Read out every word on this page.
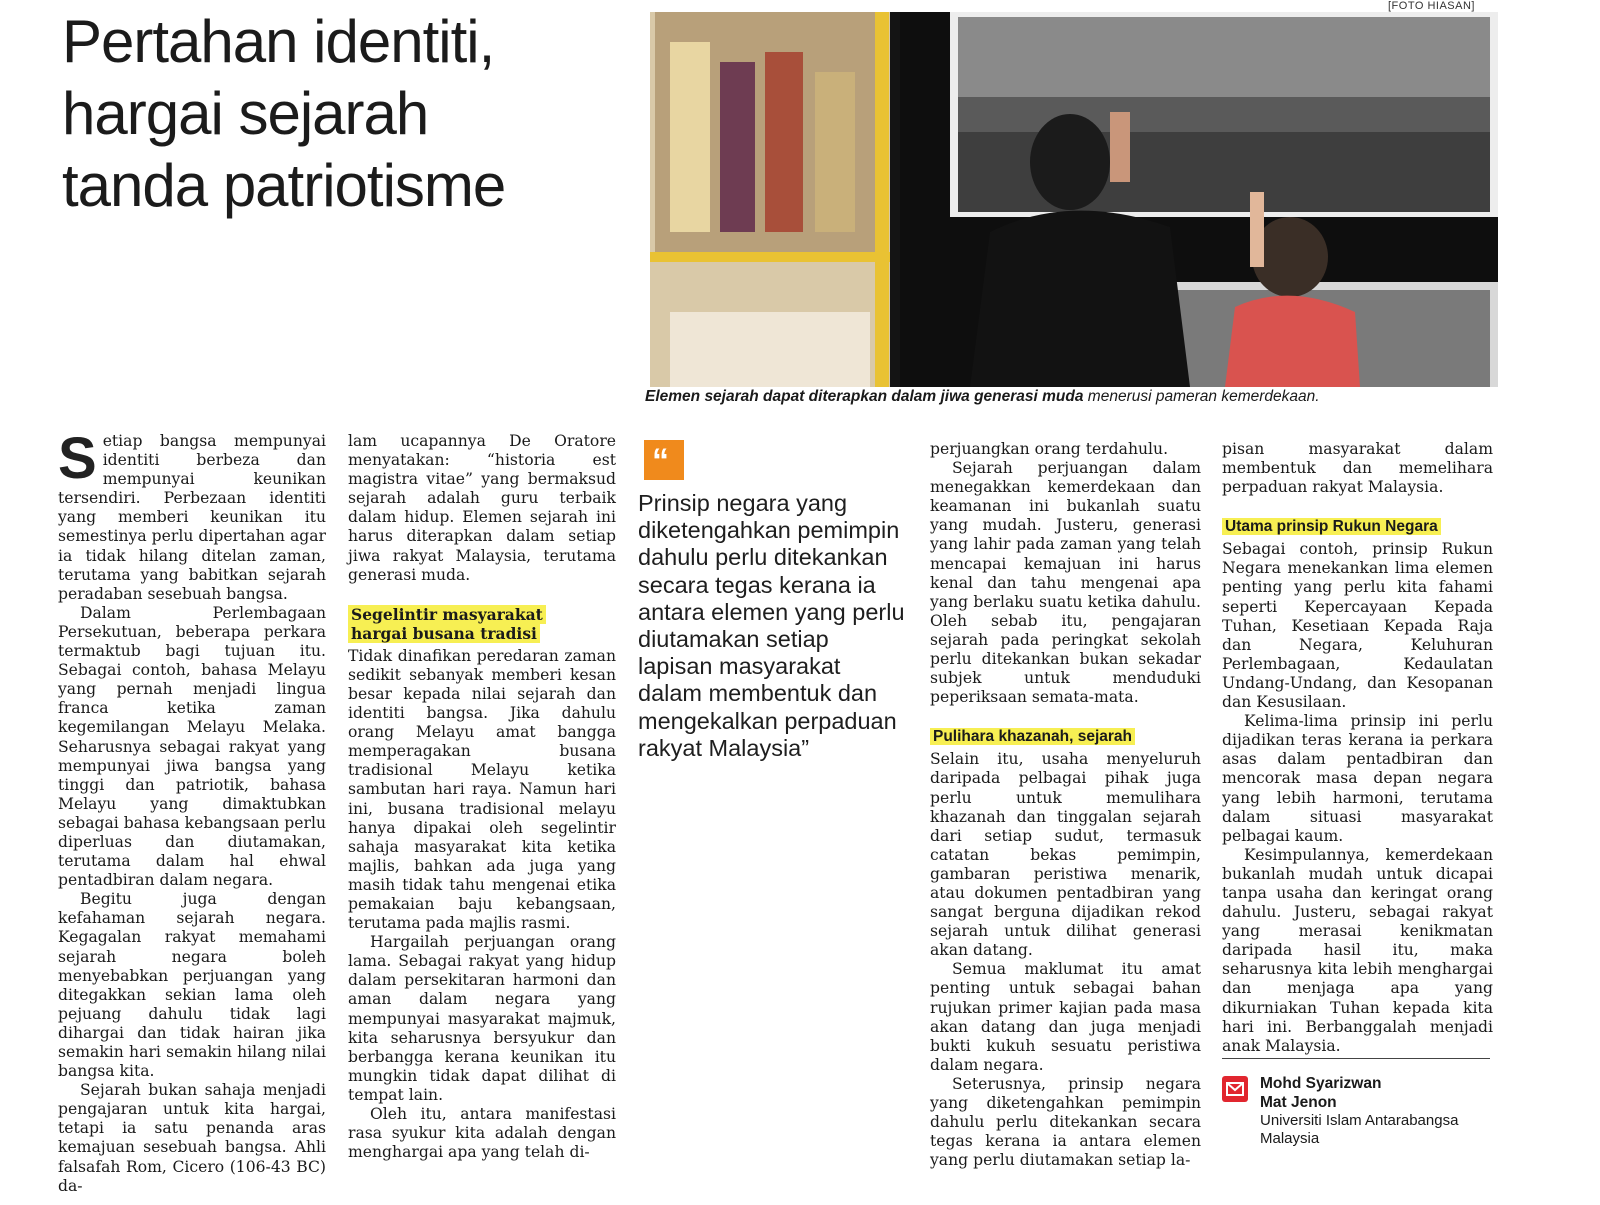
Pertahan identiti,
hargai sejarah
tanda patriotisme
[FOTO HIASAN]
Elemen sejarah dapat diterapkan dalam jiwa generasi muda menerusi pameran kemerdekaan.

Setiap bangsa mempunyai identiti berbeza dan mempunyai keunikan tersendiri. Perbezaan identiti yang memberi keunikan itu semestinya perlu dipertahan agar ia tidak hilang ditelan zaman, terutama yang babitkan sejarah peradaban sesebuah bangsa.

Dalam Perlembagaan Persekutuan, beberapa perkara termaktub bagi tujuan itu. Sebagai contoh, bahasa Melayu yang pernah menjadi lingua franca ketika zaman kegemilangan Melayu Melaka. Seharusnya sebagai rakyat yang mempunyai jiwa bangsa yang tinggi dan patriotik, bahasa Melayu yang dimaktubkan sebagai bahasa kebangsaan perlu diperluas dan diutamakan, terutama dalam hal ehwal pentadbiran dalam negara.

Begitu juga dengan kefahaman sejarah negara. Kegagalan rakyat memahami sejarah negara boleh menyebabkan perjuangan yang ditegakkan sekian lama oleh pejuang dahulu tidak lagi dihargai dan tidak hairan jika semakin hari semakin hilang nilai bangsa kita.

Sejarah bukan sahaja menjadi pengajaran untuk kita hargai, tetapi ia satu penanda aras kemajuan sesebuah bangsa. Ahli falsafah Rom, Cicero (106-43 BC) da-

lam ucapannya De Oratore menyatakan: “historia est magistra vitae” yang bermaksud sejarah adalah guru terbaik dalam hidup. Elemen sejarah ini harus diterapkan dalam setiap jiwa rakyat Malaysia, terutama generasi muda.

Segelintir masyarakat
hargai busana tradisi

Tidak dinafikan peredaran zaman sedikit sebanyak memberi kesan besar kepada nilai sejarah dan identiti bangsa. Jika dahulu orang Melayu amat bangga memperagakan busana tradisional Melayu ketika sambutan hari raya. Namun hari ini, busana tradisional melayu hanya dipakai oleh segelintir sahaja masyarakat kita ketika majlis, bahkan ada juga yang masih tidak tahu mengenai etika pemakaian baju kebangsaan, terutama pada majlis rasmi.

Hargailah perjuangan orang lama. Sebagai rakyat yang hidup dalam persekitaran harmoni dan aman dalam negara yang mempunyai masyarakat majmuk, kita seharusnya bersyukur dan berbangga kerana keunikan itu mungkin tidak dapat dilihat di tempat lain.

Oleh itu, antara manifestasi rasa syukur kita adalah dengan menghargai apa yang telah di-

“
Prinsip negara yang diketengahkan pemimpin dahulu perlu ditekankan secara tegas kerana ia antara elemen yang perlu diutamakan setiap lapisan masyarakat dalam membentuk dan mengekalkan perpaduan rakyat Malaysia”

perjuangkan orang terdahulu.

Sejarah perjuangan dalam menegakkan kemerdekaan dan keamanan ini bukanlah suatu yang mudah. Justeru, generasi yang lahir pada zaman yang telah mencapai kemajuan ini harus kenal dan tahu mengenai apa yang berlaku suatu ketika dahulu. Oleh sebab itu, pengajaran sejarah pada peringkat sekolah perlu ditekankan bukan sekadar subjek untuk menduduki peperiksaan semata-mata.

Pulihara khazanah, sejarah

Selain itu, usaha menyeluruh daripada pelbagai pihak juga perlu untuk memulihara khazanah dan tinggalan sejarah dari setiap sudut, termasuk catatan bekas pemimpin, gambaran peristiwa menarik, atau dokumen pentadbiran yang sangat berguna dijadikan rekod sejarah untuk dilihat generasi akan datang.

Semua maklumat itu amat penting untuk sebagai bahan rujukan primer kajian pada masa akan datang dan juga menjadi bukti kukuh sesuatu peristiwa dalam negara.

Seterusnya, prinsip negara yang diketengahkan pemimpin dahulu perlu ditekankan secara tegas kerana ia antara elemen yang perlu diutamakan setiap la-

pisan masyarakat dalam membentuk dan memelihara perpaduan rakyat Malaysia.

Utama prinsip Rukun Negara

Sebagai contoh, prinsip Rukun Negara menekankan lima elemen penting yang perlu kita fahami seperti Kepercayaan Kepada Tuhan, Kesetiaan Kepada Raja dan Negara, Keluhuran Perlembagaan, Kedaulatan Undang-Undang, dan Kesopanan dan Kesusilaan.

Kelima-lima prinsip ini perlu dijadikan teras kerana ia perkara asas dalam pentadbiran dan mencorak masa depan negara yang lebih harmoni, terutama dalam situasi masyarakat pelbagai kaum.

Kesimpulannya, kemerdekaan bukanlah mudah untuk dicapai tanpa usaha dan keringat orang dahulu. Justeru, sebagai rakyat yang merasai kenikmatan daripada hasil itu, maka seharusnya kita lebih menghargai dan menjaga apa yang dikurniakan Tuhan kepada kita hari ini. Berbanggalah menjadi anak Malaysia.

Mohd Syarizwan
Mat Jenon
Universiti Islam Antarabangsa Malaysia
